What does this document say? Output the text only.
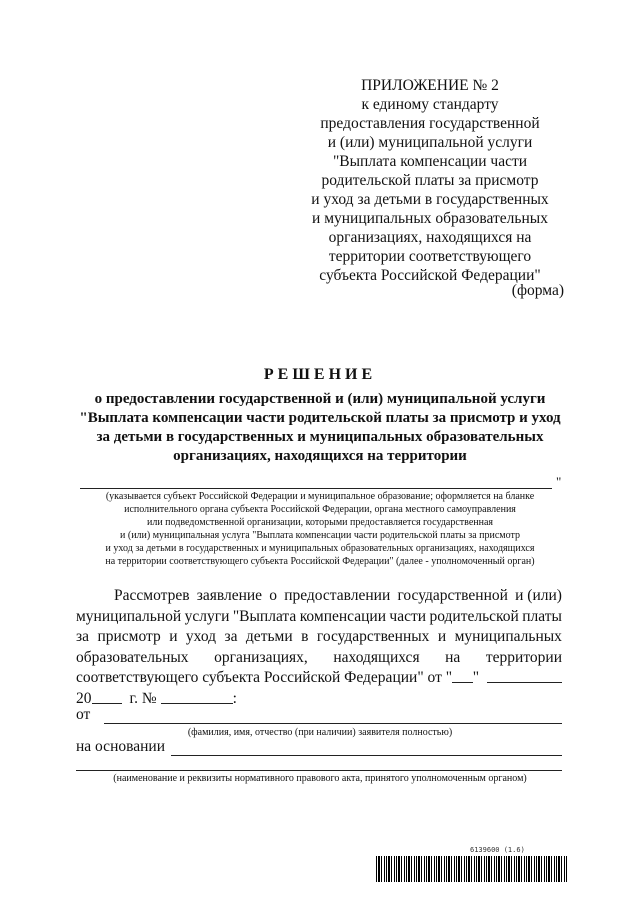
ПРИЛОЖЕНИЕ № 2
к единому стандарту
предоставления государственной
и (или) муниципальной услуги
"Выплата компенсации части
родительской платы за присмотр
и уход за детьми в государственных
и муниципальных образовательных
организациях, находящихся на
территории соответствующего
субъекта Российской Федерации"
(форма)
РЕШЕНИЕ
о предоставлении государственной и (или) муниципальной услуги
"Выплата компенсации части родительской платы за присмотр и уход
за детьми в государственных и муниципальных образовательных
организациях, находящихся на территории
"
(указывается субъект Российской Федерации и муниципальное образование; оформляется на бланке
исполнительного органа субъекта Российской Федерации, органа местного самоуправления
или подведомственной организации, которыми предоставляется государственная
и (или) муниципальная услуга "Выплата компенсации части родительской платы за присмотр
и уход за детьми в государственных и муниципальных образовательных организациях, находящихся
на территории соответствующего субъекта Российской Федерации" (далее - уполномоченный орган)
Рассмотрев заявление о предоставлении государственной и (или)
муниципальной услуги "Выплата компенсации части родительской платы
за присмотр и уход за детьми в государственных и муниципальных
образовательных организациях, находящихся на территории
соответствующего субъекта Российской Федерации" от " "
20 г. №	:
от
(фамилия, имя, отчество (при наличии) заявителя полностью)
на основании
(наименование и реквизиты нормативного правового акта, принятого уполномоченным органом)
6139600 (1.6)
